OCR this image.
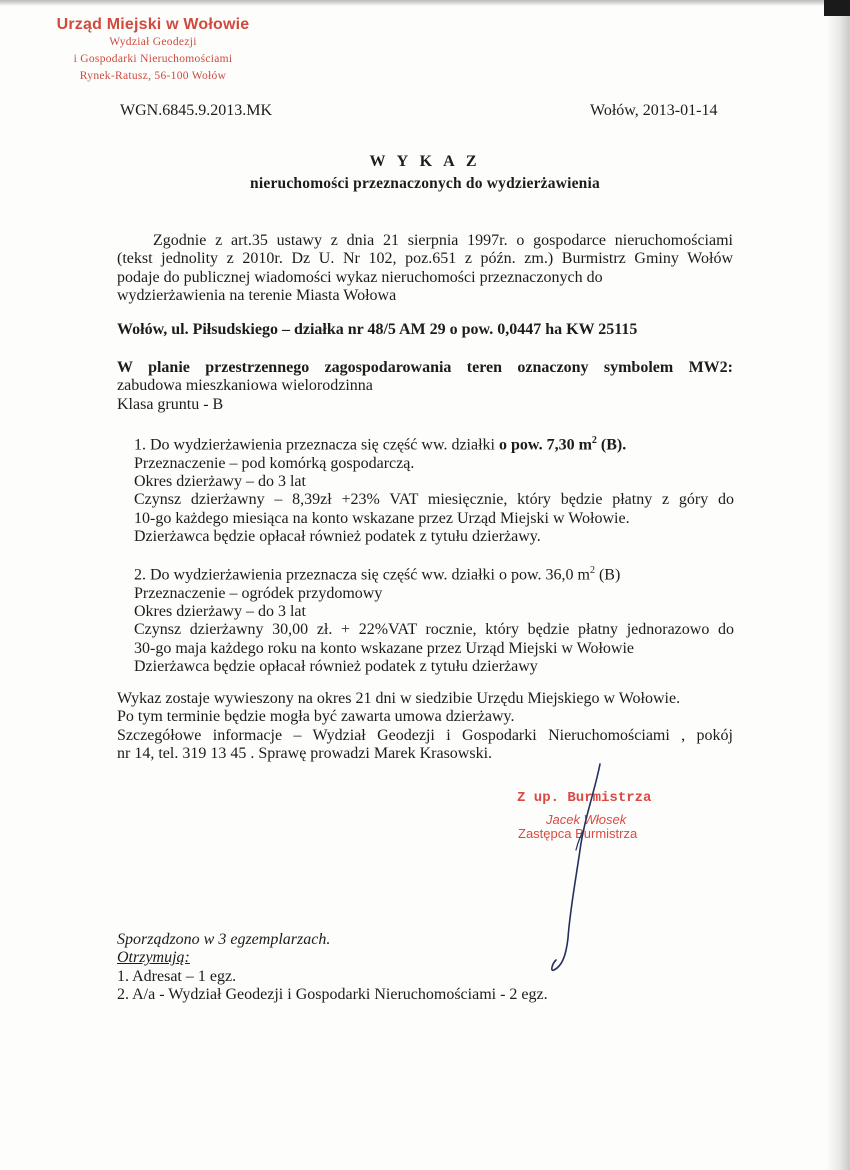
Urząd Miejski w Wołowie
Wydział Geodezji
i Gospodarki Nieruchomościami
Rynek-Ratusz, 56-100 Wołów
WGN.6845.9.2013.MK	Wołów, 2013-01-14
W Y K A Z
nieruchomości przeznaczonych do wydzierżawienia
Zgodnie z art.35 ustawy z dnia 21 sierpnia 1997r. o gospodarce nieruchomościami
(tekst jednolity z 2010r. Dz U. Nr 102, poz.651 z późn. zm.) Burmistrz Gminy Wołów
podaje do publicznej wiadomości wykaz nieruchomości przeznaczonych do
wydzierżawienia na terenie Miasta Wołowa
Wołów, ul. Piłsudskiego – działka nr 48/5 AM 29 o pow. 0,0447 ha KW 25115
W planie przestrzennego zagospodarowania teren oznaczony symbolem MW2:
zabudowa mieszkaniowa wielorodzinna
Klasa gruntu - B
1. Do wydzierżawienia przeznacza się część ww. działki o pow. 7,30 $m^2$ (B).
Przeznaczenie – pod komórką gospodarczą.
Okres dzierżawy – do 3 lat
Czynsz dzierżawny – 8,39zł +23% VAT miesięcznie, który będzie płatny z góry do
10-go każdego miesiąca na konto wskazane przez Urząd Miejski w Wołowie.
Dzierżawca będzie opłacał również podatek z tytułu dzierżawy.
2. Do wydzierżawienia przeznacza się część ww. działki o pow. 36,0 $m^2$ (B)
Przeznaczenie – ogródek przydomowy
Okres dzierżawy – do 3 lat
Czynsz dzierżawny 30,00 zł. + 22%VAT rocznie, który będzie płatny jednorazowo do
30-go maja każdego roku na konto wskazane przez Urząd Miejski w Wołowie
Dzierżawca będzie opłacał również podatek z tytułu dzierżawy
Wykaz zostaje wywieszony na okres 21 dni w siedzibie Urzędu Miejskiego w Wołowie.
Po tym terminie będzie mogła być zawarta umowa dzierżawy.
Szczegółowe informacje – Wydział Geodezji i Gospodarki Nieruchomościami , pokój
nr 14, tel. 319 13 45 . Sprawę prowadzi Marek Krasowski.
Z up. Burmistrza
Jacek Włosek
Zastępca Burmistrza
Sporządzono w 3 egzemplarzach.
Otrzymują:
1. Adresat – 1 egz.
2. A/a - Wydział Geodezji i Gospodarki Nieruchomościami - 2 egz.
